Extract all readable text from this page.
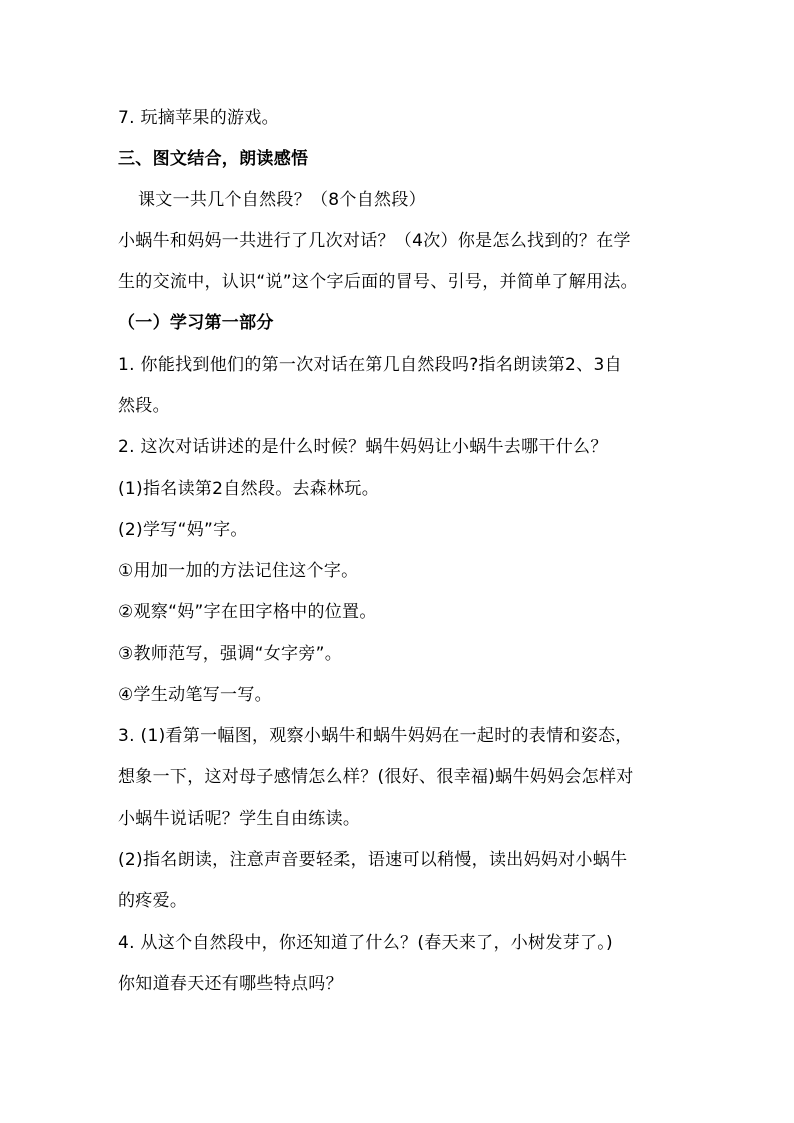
7. 玩摘苹果的游戏。
三、图文结合，朗读感悟
课文一共几个自然段？（8个自然段）
小蜗牛和妈妈一共进行了几次对话？（4次）你是怎么找到的？在学
生的交流中，认识“说”这个字后面的冒号、引号，并简单了解用法。
（一）学习第一部分
1. 你能找到他们的第一次对话在第几自然段吗?指名朗读第2、3自
然段。
2. 这次对话讲述的是什么时候？蜗牛妈妈让小蜗牛去哪干什么？
(1)指名读第2自然段。去森林玩。
(2)学写“妈”字。
①用加一加的方法记住这个字。
②观察“妈”字在田字格中的位置。
③教师范写，强调“女字旁”。
④学生动笔写一写。
3. (1)看第一幅图，观察小蜗牛和蜗牛妈妈在一起时的表情和姿态，
想象一下，这对母子感情怎么样？(很好、很幸福)蜗牛妈妈会怎样对
小蜗牛说话呢？学生自由练读。
(2)指名朗读，注意声音要轻柔，语速可以稍慢，读出妈妈对小蜗牛
的疼爱。
4. 从这个自然段中，你还知道了什么？(春天来了，小树发芽了。)
你知道春天还有哪些特点吗？
